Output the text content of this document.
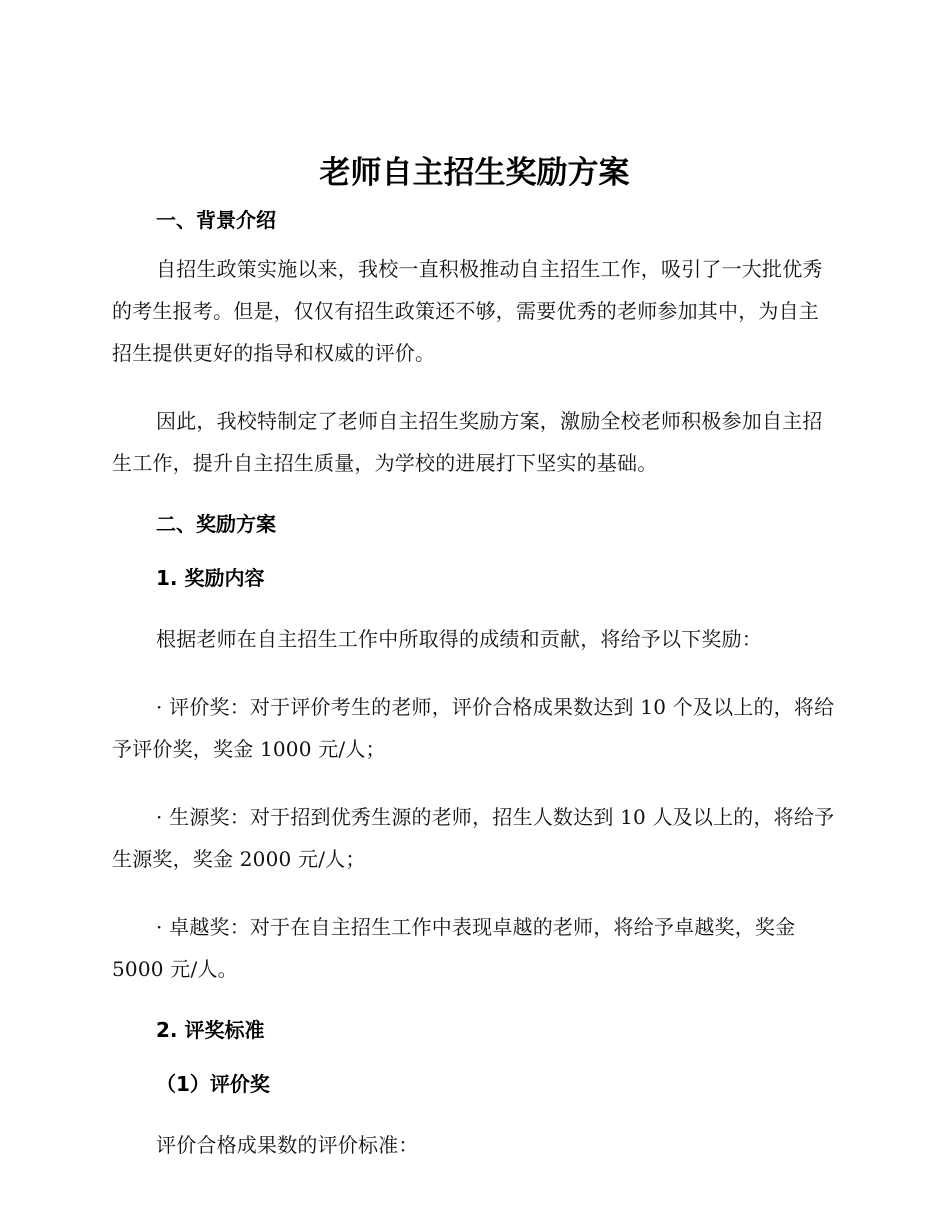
老师自主招生奖励方案
一、背景介绍

自招生政策实施以来，我校一直积极推动自主招生工作，吸引了一大批优秀的考生报考。但是，仅仅有招生政策还不够，需要优秀的老师参加其中，为自主招生提供更好的指导和权威的评价。

因此，我校特制定了老师自主招生奖励方案，激励全校老师积极参加自主招生工作，提升自主招生质量，为学校的进展打下坚实的基础。

二、奖励方案
1. 奖励内容

根据老师在自主招生工作中所取得的成绩和贡献，将给予以下奖励：

· 评价奖：对于评价考生的老师，评价合格成果数达到 10 个及以上的，将给予评价奖，奖金 1000 元/人；

· 生源奖：对于招到优秀生源的老师，招生人数达到 10 人及以上的，将给予生源奖，奖金 2000 元/人；

· 卓越奖：对于在自主招生工作中表现卓越的老师，将给予卓越奖，奖金 5000 元/人。

2. 评奖标准
（1）评价奖

评价合格成果数的评价标准：
